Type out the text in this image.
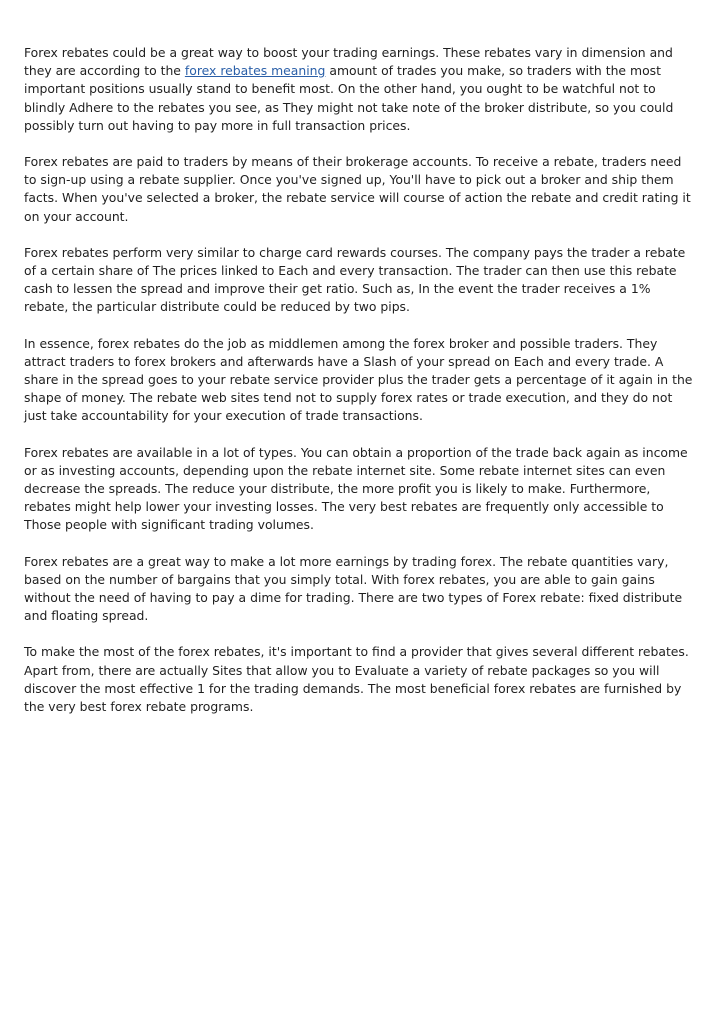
Forex rebates could be a great way to boost your trading earnings. These rebates vary in dimension and they are according to the forex rebates meaning amount of trades you make, so traders with the most important positions usually stand to benefit most. On the other hand, you ought to be watchful not to blindly Adhere to the rebates you see, as They might not take note of the broker distribute, so you could possibly turn out having to pay more in full transaction prices.

Forex rebates are paid to traders by means of their brokerage accounts. To receive a rebate, traders need to sign-up using a rebate supplier. Once you've signed up, You'll have to pick out a broker and ship them facts. When you've selected a broker, the rebate service will course of action the rebate and credit rating it on your account.

Forex rebates perform very similar to charge card rewards courses. The company pays the trader a rebate of a certain share of The prices linked to Each and every transaction. The trader can then use this rebate cash to lessen the spread and improve their get ratio. Such as, In the event the trader receives a 1% rebate, the particular distribute could be reduced by two pips.

In essence, forex rebates do the job as middlemen among the forex broker and possible traders. They attract traders to forex brokers and afterwards have a Slash of your spread on Each and every trade. A share in the spread goes to your rebate service provider plus the trader gets a percentage of it again in the shape of money. The rebate web sites tend not to supply forex rates or trade execution, and they do not just take accountability for your execution of trade transactions.

Forex rebates are available in a lot of types. You can obtain a proportion of the trade back again as income or as investing accounts, depending upon the rebate internet site. Some rebate internet sites can even decrease the spreads. The reduce your distribute, the more profit you is likely to make. Furthermore, rebates might help lower your investing losses. The very best rebates are frequently only accessible to Those people with significant trading volumes.

Forex rebates are a great way to make a lot more earnings by trading forex. The rebate quantities vary, based on the number of bargains that you simply total. With forex rebates, you are able to gain gains without the need of having to pay a dime for trading. There are two types of Forex rebate: fixed distribute and floating spread.

To make the most of the forex rebates, it's important to find a provider that gives several different rebates. Apart from, there are actually Sites that allow you to Evaluate a variety of rebate packages so you will discover the most effective 1 for the trading demands. The most beneficial forex rebates are furnished by the very best forex rebate programs.
